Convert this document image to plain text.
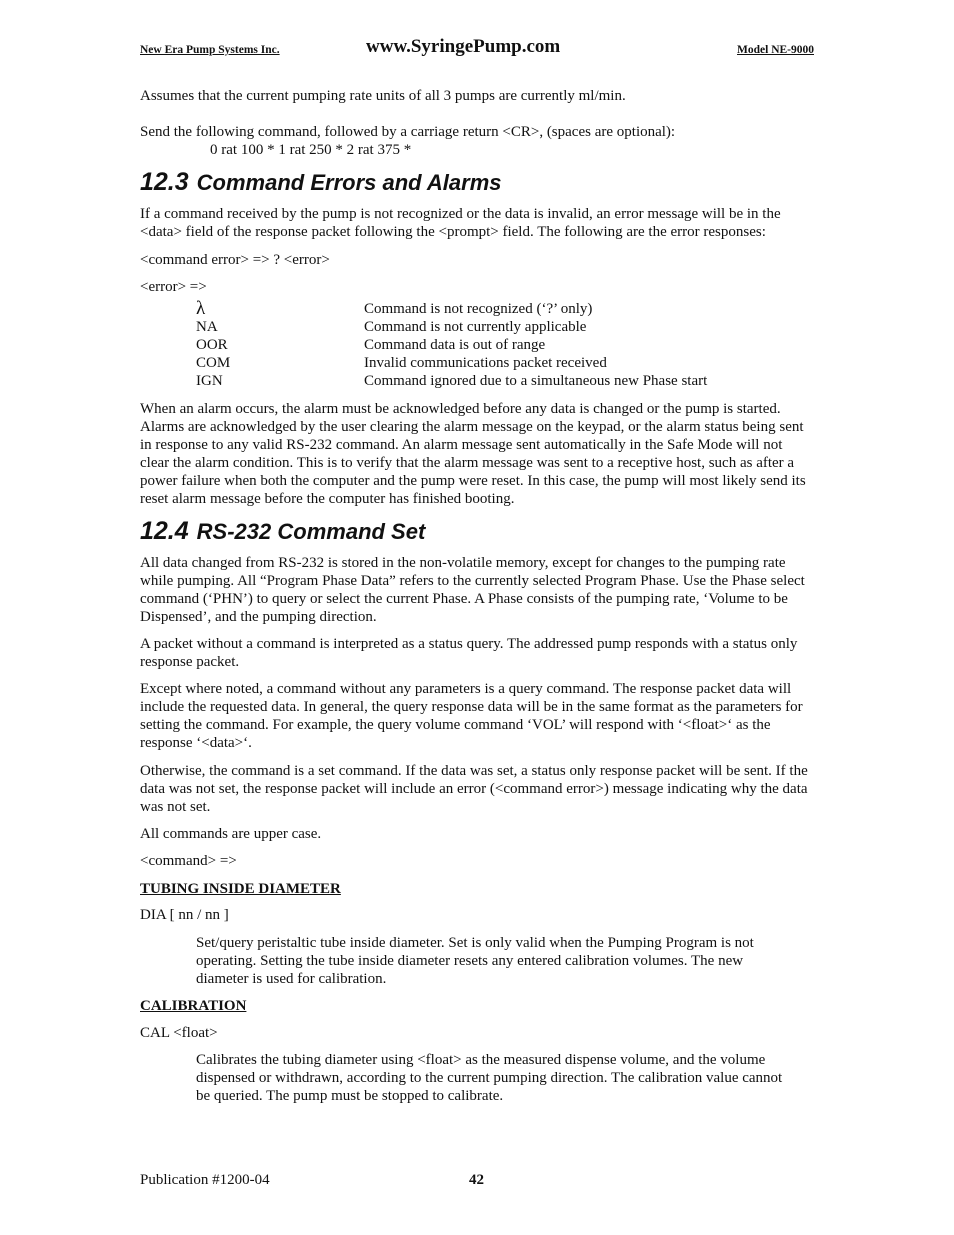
New Era Pump Systems Inc.	www.SyringePump.com	Model NE-9000

Assumes that the current pumping rate units of all 3 pumps are currently ml/min.

Send the following command, followed by a carriage return <CR>, (spaces are optional):

0 rat 100 * 1 rat 250 * 2 rat 375 *

12.3 Command Errors and Alarms

If a command received by the pump is not recognized or the data is invalid, an error message will be in the <data> field of the response packet following the <prompt> field. The following are the error responses:

<command error> => ? <error>

<error> =>

λ	Command is not recognized (‘?’ only)
NA	Command is not currently applicable
OOR	Command data is out of range
COM	Invalid communications packet received
IGN	Command ignored due to a simultaneous new Phase start

When an alarm occurs, the alarm must be acknowledged before any data is changed or the pump is started. Alarms are acknowledged by the user clearing the alarm message on the keypad, or the alarm status being sent in response to any valid RS-232 command. An alarm message sent automatically in the Safe Mode will not clear the alarm condition. This is to verify that the alarm message was sent to a receptive host, such as after a power failure when both the computer and the pump were reset. In this case, the pump will most likely send its reset alarm message before the computer has finished booting.

12.4 RS-232 Command Set

All data changed from RS-232 is stored in the non-volatile memory, except for changes to the pumping rate while pumping. All “Program Phase Data” refers to the currently selected Program Phase. Use the Phase select command (‘PHN’) to query or select the current Phase. A Phase consists of the pumping rate, ‘Volume to be Dispensed’, and the pumping direction.

A packet without a command is interpreted as a status query. The addressed pump responds with a status only response packet.

Except where noted, a command without any parameters is a query command. The response packet data will include the requested data. In general, the query response data will be in the same format as the parameters for setting the command. For example, the query volume command ‘VOL’ will respond with ‘<float>‘ as the response ‘<data>‘.

Otherwise, the command is a set command. If the data was set, a status only response packet will be sent. If the data was not set, the response packet will include an error (<command error>) message indicating why the data was not set.

All commands are upper case.

<command> =>

TUBING INSIDE DIAMETER

DIA [ nn / nn ]

Set/query peristaltic tube inside diameter. Set is only valid when the Pumping Program is not operating. Setting the tube inside diameter resets any entered calibration volumes. The new diameter is used for calibration.

CALIBRATION

CAL <float>

Calibrates the tubing diameter using <float> as the measured dispense volume, and the volume dispensed or withdrawn, according to the current pumping direction. The calibration value cannot be queried. The pump must be stopped to calibrate.

Publication #1200-04	42
